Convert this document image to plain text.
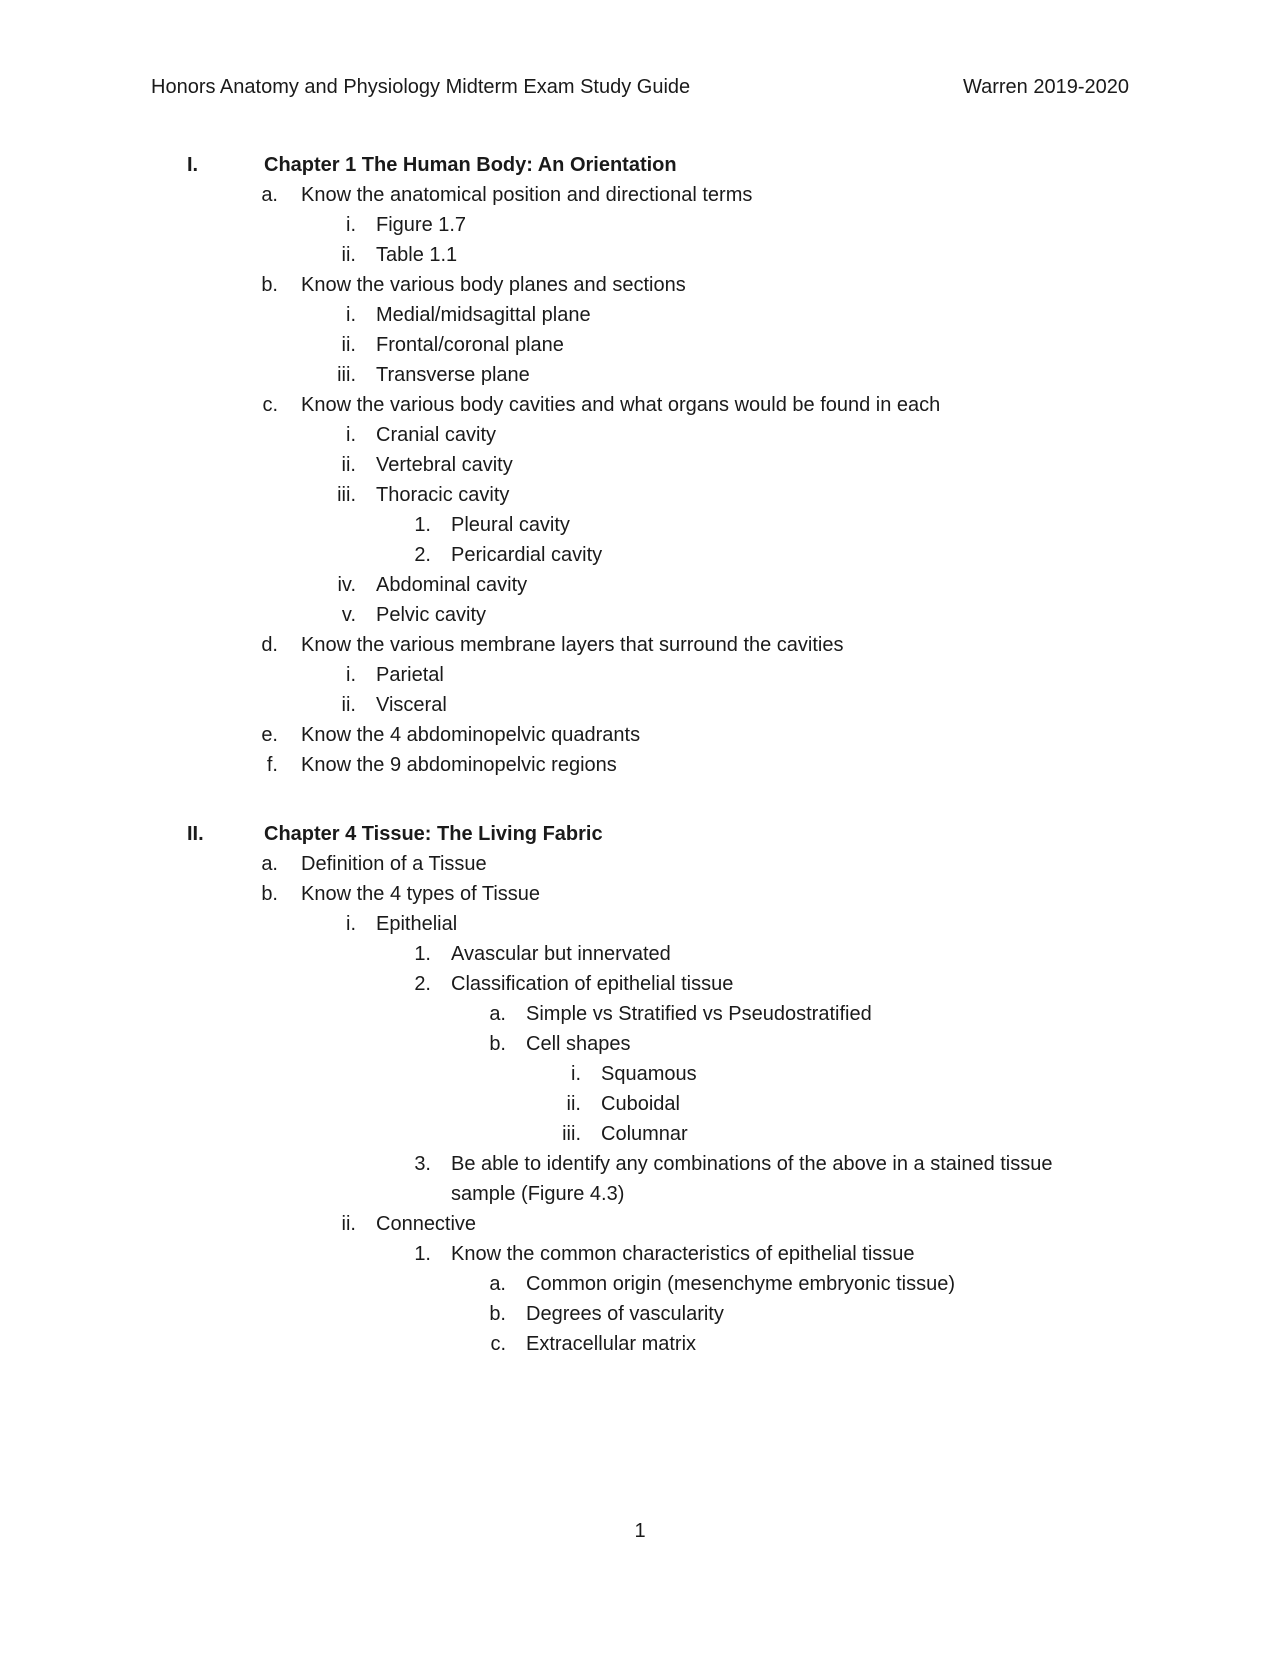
Honors Anatomy and Physiology Midterm Exam Study Guide	Warren 2019-2020
I.	Chapter 1 The Human Body: An Orientation
a. Know the anatomical position and directional terms
i. Figure 1.7
ii. Table 1.1
b. Know the various body planes and sections
i. Medial/midsagittal plane
ii. Frontal/coronal plane
iii. Transverse plane
c. Know the various body cavities and what organs would be found in each
i. Cranial cavity
ii. Vertebral cavity
iii. Thoracic cavity
1. Pleural cavity
2. Pericardial cavity
iv. Abdominal cavity
v. Pelvic cavity
d. Know the various membrane layers that surround the cavities
i. Parietal
ii. Visceral
e. Know the 4 abdominopelvic quadrants
f. Know the 9 abdominopelvic regions
II.	Chapter 4 Tissue: The Living Fabric
a. Definition of a Tissue
b. Know the 4 types of Tissue
i. Epithelial
1. Avascular but innervated
2. Classification of epithelial tissue
a. Simple vs Stratified vs Pseudostratified
b. Cell shapes
i. Squamous
ii. Cuboidal
iii. Columnar
3. Be able to identify any combinations of the above in a stained tissue
sample (Figure 4.3)
ii. Connective
1. Know the common characteristics of epithelial tissue
a. Common origin (mesenchyme embryonic tissue)
b. Degrees of vascularity
c. Extracellular matrix
1
